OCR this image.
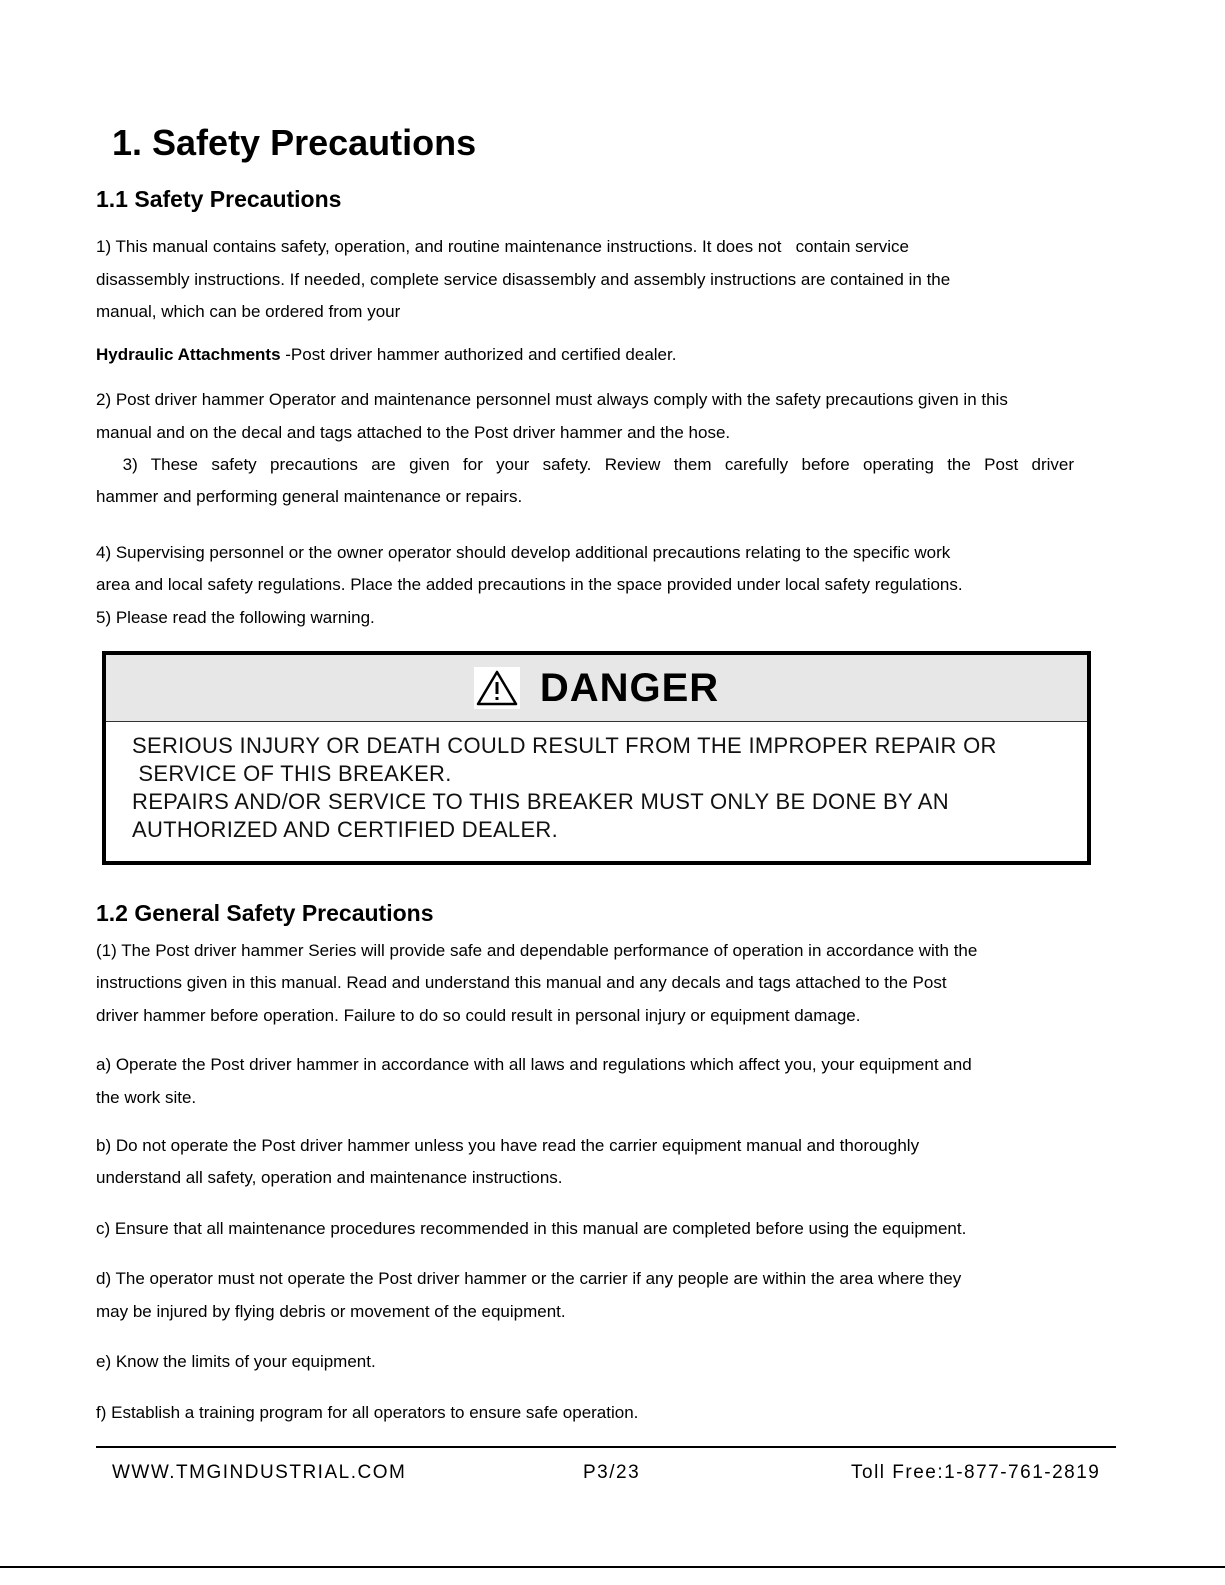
1. Safety Precautions
1.1 Safety Precautions
1) This manual contains safety, operation, and routine maintenance instructions. It does not   contain service
disassembly instructions. If needed, complete service disassembly and assembly instructions are contained in the
manual, which can be ordered from your
Hydraulic Attachments -Post driver hammer authorized and certified dealer.
2) Post driver hammer Operator and maintenance personnel must always comply with the safety precautions given in this
manual and on the decal and tags attached to the Post driver hammer and the hose.
3) These safety precautions are given for your safety. Review them carefully before operating the Post driver
hammer and performing general maintenance or repairs.
4) Supervising personnel or the owner operator should develop additional precautions relating to the specific work
area and local safety regulations. Place the added precautions in the space provided under local safety regulations.
5) Please read the following warning.
DANGER
SERIOUS INJURY OR DEATH COULD RESULT FROM THE IMPROPER REPAIR OR
SERVICE OF THIS BREAKER.
REPAIRS AND/OR SERVICE TO THIS BREAKER MUST ONLY BE DONE BY AN
AUTHORIZED AND CERTIFIED DEALER.
1.2 General Safety Precautions
(1) The Post driver hammer Series will provide safe and dependable performance of operation in accordance with the
instructions given in this manual. Read and understand this manual and any decals and tags attached to the Post
driver hammer before operation. Failure to do so could result in personal injury or equipment damage.
a) Operate the Post driver hammer in accordance with all laws and regulations which affect you, your equipment and
the work site.
b) Do not operate the Post driver hammer unless you have read the carrier equipment manual and thoroughly
understand all safety, operation and maintenance instructions.
c) Ensure that all maintenance procedures recommended in this manual are completed before using the equipment.
d) The operator must not operate the Post driver hammer or the carrier if any people are within the area where they
may be injured by flying debris or movement of the equipment.
e) Know the limits of your equipment.
f) Establish a training program for all operators to ensure safe operation.
WWW.TMGINDUSTRIAL.COM	P3/23	Toll Free:1-877-761-2819
